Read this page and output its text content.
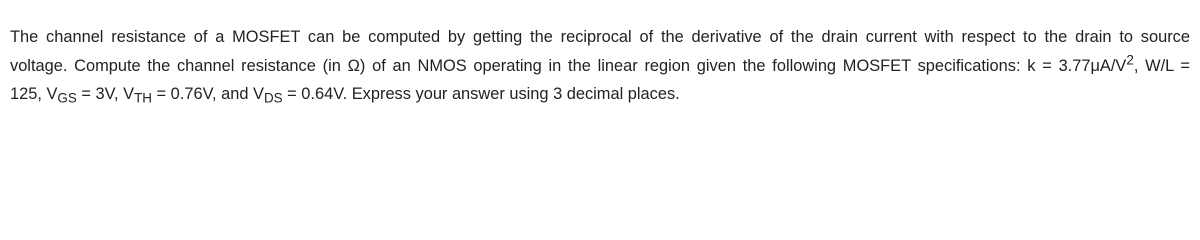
The channel resistance of a MOSFET can be computed by getting the reciprocal of the derivative of the drain current with respect to the drain to source
voltage. Compute the channel resistance (in Ω) of an NMOS operating in the linear region given the following MOSFET specifications: $k = 3.77\mu A/V^2$, W/L =
125, $V_{GS} = 3V$, $V_{TH} = 0.76V$, and $V_{DS} = 0.64V$. Express your answer using 3 decimal places.
